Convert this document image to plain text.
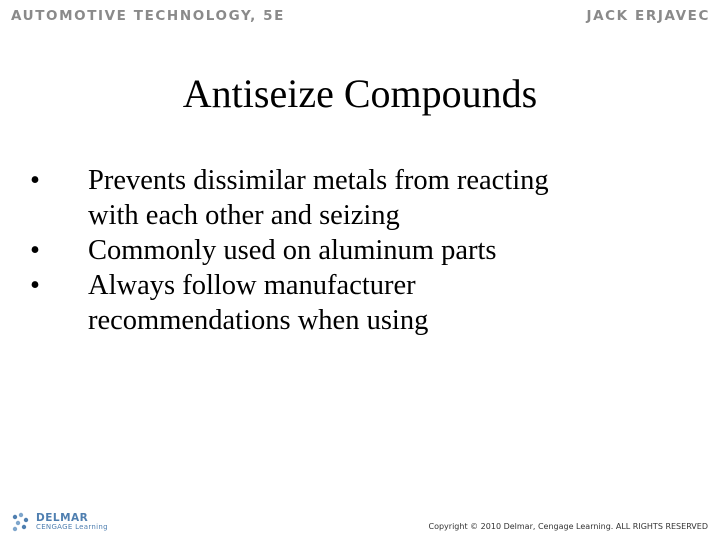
AUTOMOTIVE TECHNOLOGY, 5E	JACK ERJAVEC
Antiseize Compounds
•	Prevents dissimilar metals from reacting
with each other and seizing
•	Commonly used on aluminum parts
•	Always follow manufacturer
recommendations when using
DELMAR
CENGAGE Learning	Copyright © 2010 Delmar, Cengage Learning. ALL RIGHTS RESERVED
